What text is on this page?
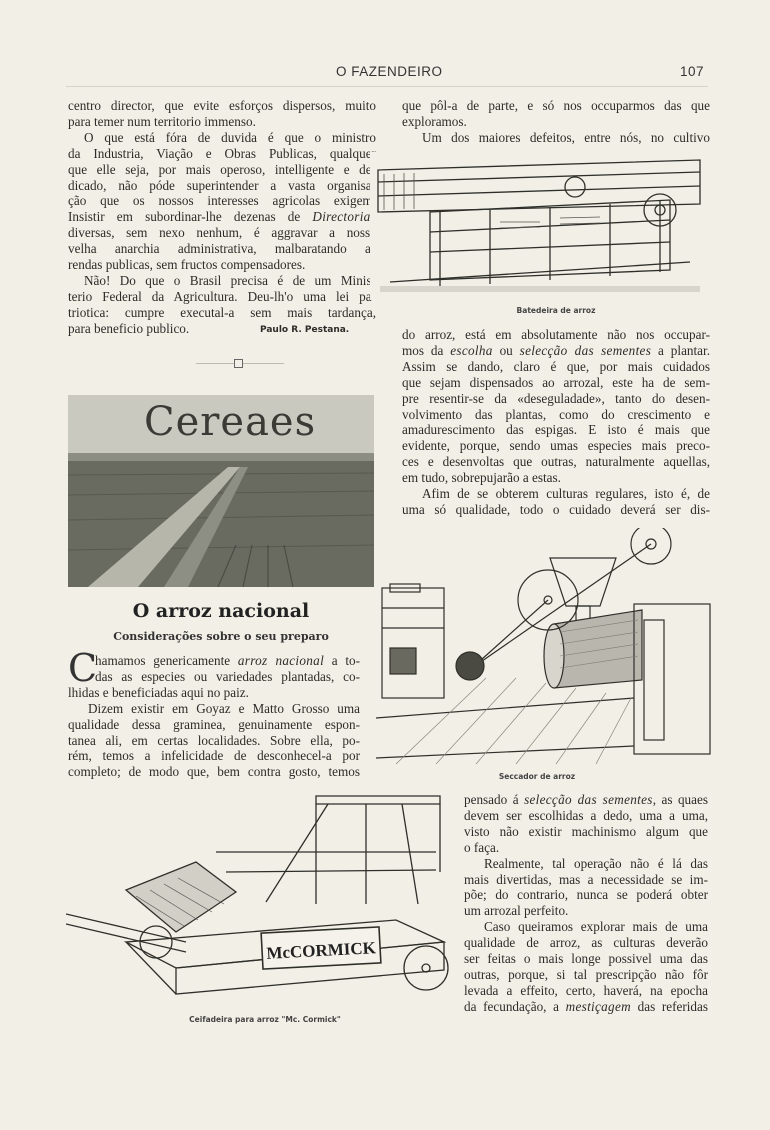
O FAZENDEIRO	107

centro director, que evite esforços dispersos, muito

para temer num territorio immenso.

O que está fóra de duvida é que o ministro

da Industria, Viação e Obras Publicas, qualquer

que elle seja, por mais operoso, intelligente e de-

dicado, não póde superintender a vasta organisa-

ção que os nossos interesses agricolas exigem.

Insistir em subordinar-lhe dezenas de Directorias

diversas, sem nexo nenhum, é aggravar a nossa

velha anarchia administrativa, malbaratando as

rendas publicas, sem fructos compensadores.

Não! Do que o Brasil precisa é de um Minis-

terio Federal da Agricultura. Deu-lh'o uma lei pa-

triotica: cumpre executal-a sem mais tardança,

para beneficio publico.	Paulo R. Pestana.

Cereaes
O arroz nacional
Considerações sobre o seu preparo
C

hamamos genericamente arroz nacional a to-

das as especies ou variedades plantadas, co-

lhidas e beneficiadas aqui no paiz.

Dizem existir em Goyaz e Matto Grosso uma

qualidade dessa graminea, genuinamente espon-

tanea ali, em certas localidades. Sobre ella, po-

rém, temos a infelicidade de desconhecel-a por

completo; de modo que, bem contra gosto, temos

que pôl-a de parte, e só nos occuparmos das que

exploramos.

Um dos maiores defeitos, entre nós, no cultivo

Batedeira de arroz

do arroz, está em absolutamente não nos occupar-

mos da escolha ou selecção das sementes a plantar.

Assim se dando, claro é que, por mais cuidados

que sejam dispensados ao arrozal, este ha de sem-

pre resentir-se da «deseguladade», tanto do desen-

volvimento das plantas, como do crescimento e

amadurescimento das espigas. E isto é mais que

evidente, porque, sendo umas especies mais preco-

ces e desenvoltas que outras, naturalmente aquellas,

em tudo, sobrepujarão a estas.

Afim de se obterem culturas regulares, isto é, de

uma só qualidade, todo o cuidado deverá ser dis-

Seccador de arroz

pensado á selecção das sementes, as quaes

devem ser escolhidas a dedo, uma a uma,

visto não existir machinismo algum que

o faça.

Realmente, tal operação não é lá das

mais divertidas, mas a necessidade se im-

põe; do contrario, nunca se poderá obter

um arrozal perfeito.

Caso queiramos explorar mais de uma

qualidade de arroz, as culturas deverão

ser feitas o mais longe possivel uma das

outras, porque, si tal prescripção não fôr

levada a effeito, certo, haverá, na epocha

da fecundação, a mestiçagem das referidas

McCORMICK
Ceifadeira para arroz "Mc. Cormick"
